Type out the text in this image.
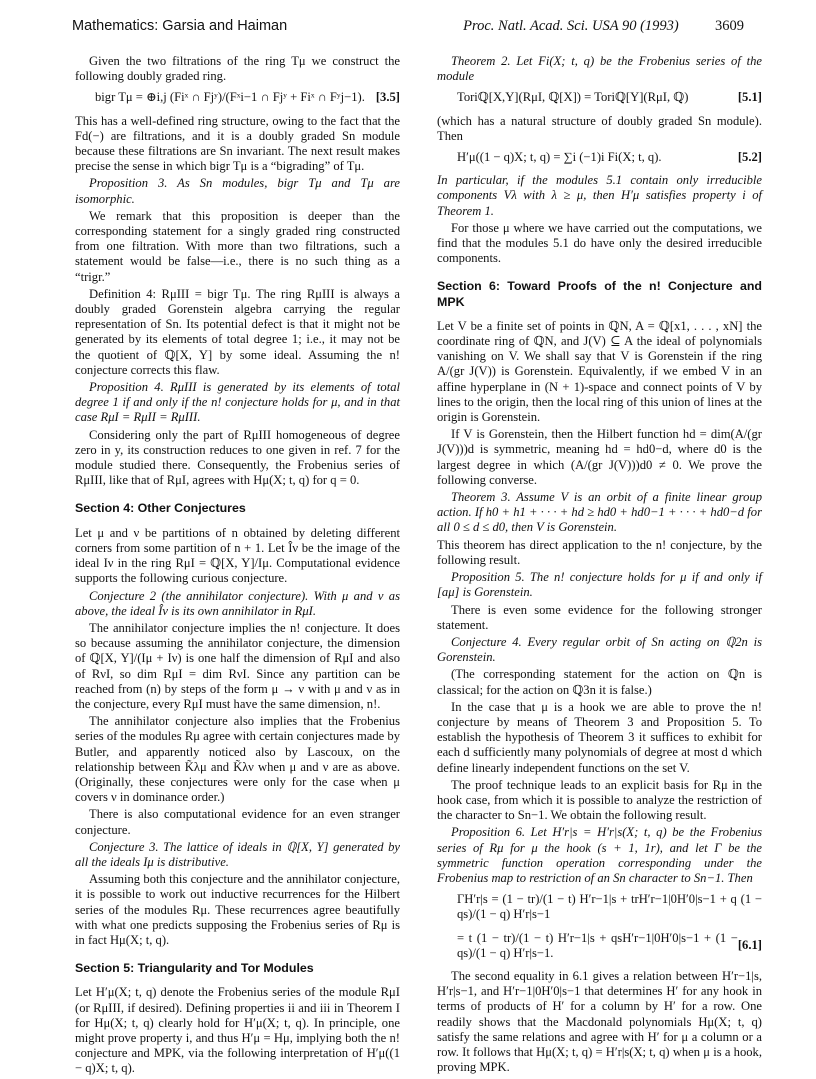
Mathematics: Garsia and Haiman	Proc. Natl. Acad. Sci. USA 90 (1993)	3609

Given the two filtrations of the ring Tμ we construct the following doubly graded ring.

bigr Tμ = ⊕i,j (Fiˣ ∩ Fjʸ)/(Fˣi−1 ∩ Fjʸ + Fiˣ ∩ Fʸj−1). [3.5]

This has a well-defined ring structure, owing to the fact that the Fd(−) are filtrations, and it is a doubly graded Sn module because these filtrations are Sn invariant. The next result makes precise the sense in which bigr Tμ is a “bigrading” of Tμ.

Proposition 3. As Sn modules, bigr Tμ and Tμ are isomorphic.

We remark that this proposition is deeper than the corresponding statement for a singly graded ring constructed from one filtration. With more than two filtrations, such a statement would be false—i.e., there is no such thing as a “trigr.”

Definition 4: RμIII = bigr Tμ. The ring RμIII is always a doubly graded Gorenstein algebra carrying the regular representation of Sn. Its potential defect is that it might not be generated by its elements of total degree 1; i.e., it may not be the quotient of ℚ[X, Y] by some ideal. Assuming the n! conjecture corrects this flaw.

Proposition 4. RμIII is generated by its elements of total degree 1 if and only if the n! conjecture holds for μ, and in that case RμI = RμII = RμIII.

Considering only the part of RμIII homogeneous of degree zero in y, its construction reduces to one given in ref. 7 for the module studied there. Consequently, the Frobenius series of RμIII, like that of RμI, agrees with Hμ(X; t, q) for q = 0.

Section 4: Other Conjectures

Let μ and ν be partitions of n obtained by deleting different corners from some partition of n + 1. Let Îν be the image of the ideal Iν in the ring RμI = ℚ[X, Y]/Iμ. Computational evidence supports the following curious conjecture.

Conjecture 2 (the annihilator conjecture). With μ and ν as above, the ideal Îν is its own annihilator in RμI.

The annihilator conjecture implies the n! conjecture. It does so because assuming the annihilator conjecture, the dimension of ℚ[X, Y]/(Iμ + Iν) is one half the dimension of RμI and also of RνI, so dim RμI = dim RνI. Since any partition can be reached from (n) by steps of the form μ → ν with μ and ν as in the conjecture, every RμI must have the same dimension, n!.

The annihilator conjecture also implies that the Frobenius series of the modules Rμ agree with certain conjectures made by Butler, and apparently noticed also by Lascoux, on the relationship between K̃λμ and K̃λν when μ and ν are as above. (Originally, these conjectures were only for the case when μ covers ν in dominance order.)

There is also computational evidence for an even stranger conjecture.

Conjecture 3. The lattice of ideals in ℚ[X, Y] generated by all the ideals Iμ is distributive.

Assuming both this conjecture and the annihilator conjecture, it is possible to work out inductive recurrences for the Hilbert series of the modules Rμ. These recurrences agree beautifully with what one predicts supposing the Frobenius series of Rμ is in fact Hμ(X; t, q).

Section 5: Triangularity and Tor Modules

Let H′μ(X; t, q) denote the Frobenius series of the module RμI (or RμIII, if desired). Defining properties ii and iii in Theorem I for Hμ(X; t, q) clearly hold for H′μ(X; t, q). In principle, one might prove property i, and thus H′μ = Hμ, implying both the n! conjecture and MPK, via the following interpretation of H′μ((1 − q)X; t, q).

Theorem 2. Let Fi(X; t, q) be the Frobenius series of the module

Toriℚ[X,Y](RμI, ℚ[X]) = Toriℚ[Y](RμI, ℚ)	[5.1]

(which has a natural structure of doubly graded Sn module). Then

H′μ((1 − q)X; t, q) = ∑i (−1)i Fi(X; t, q).	[5.2]

In particular, if the modules 5.1 contain only irreducible components Vλ with λ ≥ μ, then H′μ satisfies property i of Theorem 1.

For those μ where we have carried out the computations, we find that the modules 5.1 do have only the desired irreducible components.

Section 6: Toward Proofs of the n! Conjecture and MPK

Let V be a finite set of points in ℚN, A = ℚ[x1, . . . , xN] the coordinate ring of ℚN, and J(V) ⊆ A the ideal of polynomials vanishing on V. We shall say that V is Gorenstein if the ring A/(gr J(V)) is Gorenstein. Equivalently, if we embed V in an affine hyperplane in (N + 1)-space and connect points of V by lines to the origin, then the local ring of this union of lines at the origin is Gorenstein.

If V is Gorenstein, then the Hilbert function hd = dim(A/(gr J(V)))d is symmetric, meaning hd = hd0−d, where d0 is the largest degree in which (A/(gr J(V)))d0 ≠ 0. We prove the following converse.

Theorem 3. Assume V is an orbit of a finite linear group action. If h0 + h1 + · · · + hd ≥ hd0 + hd0−1 + · · · + hd0−d for all 0 ≤ d ≤ d0, then V is Gorenstein.

This theorem has direct application to the n! conjecture, by the following result.

Proposition 5. The n! conjecture holds for μ if and only if [aμ] is Gorenstein.

There is even some evidence for the following stronger statement.

Conjecture 4. Every regular orbit of Sn acting on ℚ2n is Gorenstein.

(The corresponding statement for the action on ℚn is classical; for the action on ℚ3n it is false.)

In the case that μ is a hook we are able to prove the n! conjecture by means of Theorem 3 and Proposition 5. To establish the hypothesis of Theorem 3 it suffices to exhibit for each d sufficiently many polynomials of degree at most d which define linearly independent functions on the set V.

The proof technique leads to an explicit basis for Rμ in the hook case, from which it is possible to analyze the restriction of the character to Sn−1. We obtain the following result.

Proposition 6. Let H′r|s = H′r|s(X; t, q) be the Frobenius series of Rμ for μ the hook (s + 1, 1r), and let Γ be the symmetric function operation corresponding under the Frobenius map to restriction of an Sn character to Sn−1. Then

ΓH′r|s = (1 − tr)/(1 − t) H′r−1|s + trH′r−1|0H′0|s−1 + q (1 − qs)/(1 − q) H′r|s−1
= t (1 − tr)/(1 − t) H′r−1|s + qsH′r−1|0H′0|s−1 + (1 − qs)/(1 − q) H′r|s−1.
[6.1]

The second equality in 6.1 gives a relation between H′r−1|s, H′r|s−1, and H′r−1|0H′0|s−1 that determines H′ for any hook in terms of products of H′ for a column by H′ for a row. One readily shows that the Macdonald polynomials Hμ(X; t, q) satisfy the same relations and agree with H′ for μ a column or a row. It follows that Hμ(X; t, q) = H′r|s(X; t, q) when μ is a hook, proving MPK.
